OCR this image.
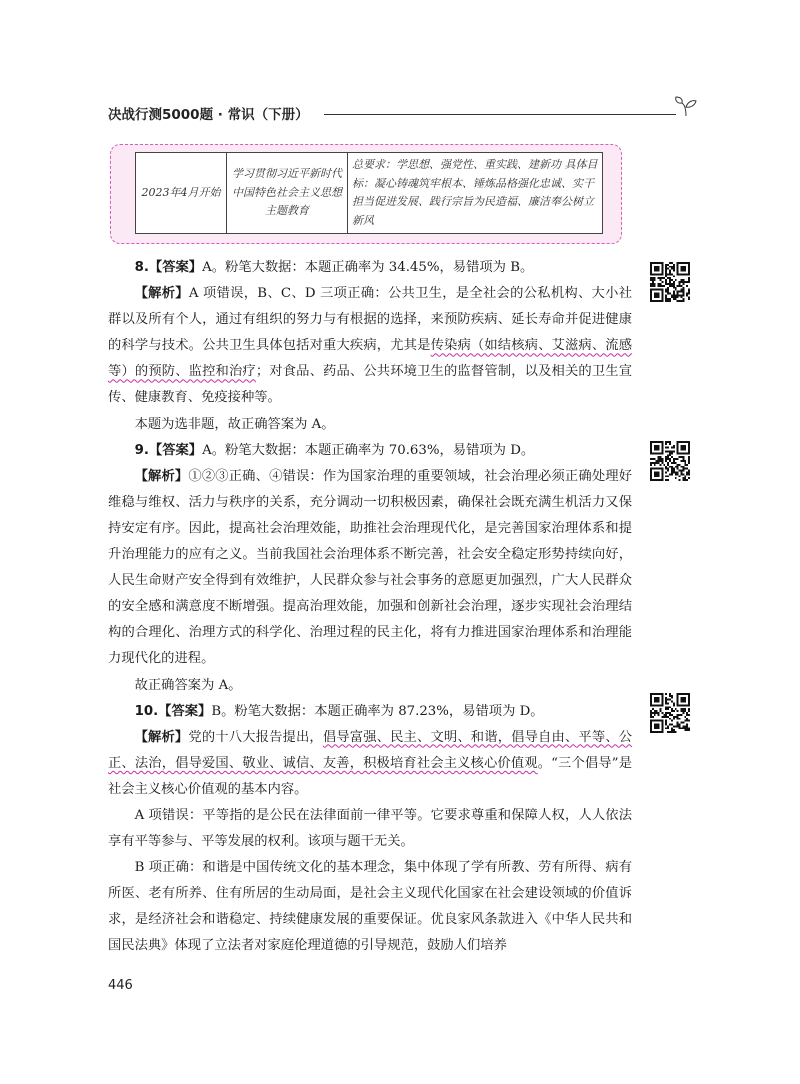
决战行测5000题 · 常识（下册）
2023年4月开始	学习贯彻习近平新时代中国特色社会主义思想主题教育	总要求：学思想、强党性、重实践、建新功 具体目标：凝心铸魂筑牢根本、锤炼品格强化忠诚、实干担当促进发展、践行宗旨为民造福、廉洁奉公树立新风

8.【答案】A。粉笔大数据：本题正确率为 34.45%，易错项为 B。

【解析】A 项错误，B、C、D 三项正确：公共卫生，是全社会的公私机构、大小社群以及所有个人，通过有组织的努力与有根据的选择，来预防疾病、延长寿命并促进健康的科学与技术。公共卫生具体包括对重大疾病，尤其是传染病（如结核病、艾滋病、流感等）的预防、监控和治疗；对食品、药品、公共环境卫生的监督管制，以及相关的卫生宣传、健康教育、免疫接种等。

本题为选非题，故正确答案为 A。

9.【答案】A。粉笔大数据：本题正确率为 70.63%，易错项为 D。

【解析】①②③正确、④错误：作为国家治理的重要领域，社会治理必须正确处理好维稳与维权、活力与秩序的关系，充分调动一切积极因素，确保社会既充满生机活力又保持安定有序。因此，提高社会治理效能，助推社会治理现代化，是完善国家治理体系和提升治理能力的应有之义。当前我国社会治理体系不断完善，社会安全稳定形势持续向好，人民生命财产安全得到有效维护，人民群众参与社会事务的意愿更加强烈，广大人民群众的安全感和满意度不断增强。提高治理效能，加强和创新社会治理，逐步实现社会治理结构的合理化、治理方式的科学化、治理过程的民主化，将有力推进国家治理体系和治理能力现代化的进程。

故正确答案为 A。

10.【答案】B。粉笔大数据：本题正确率为 87.23%，易错项为 D。

【解析】党的十八大报告提出，倡导富强、民主、文明、和谐，倡导自由、平等、公正、法治，倡导爱国、敬业、诚信、友善，积极培育社会主义核心价值观。“三个倡导”是社会主义核心价值观的基本内容。

A 项错误：平等指的是公民在法律面前一律平等。它要求尊重和保障人权，人人依法享有平等参与、平等发展的权利。该项与题干无关。

B 项正确：和谐是中国传统文化的基本理念，集中体现了学有所教、劳有所得、病有所医、老有所养、住有所居的生动局面，是社会主义现代化国家在社会建设领域的价值诉求，是经济社会和谐稳定、持续健康发展的重要保证。优良家风条款进入《中华人民共和国民法典》体现了立法者对家庭伦理道德的引导规范，鼓励人们培养

446
